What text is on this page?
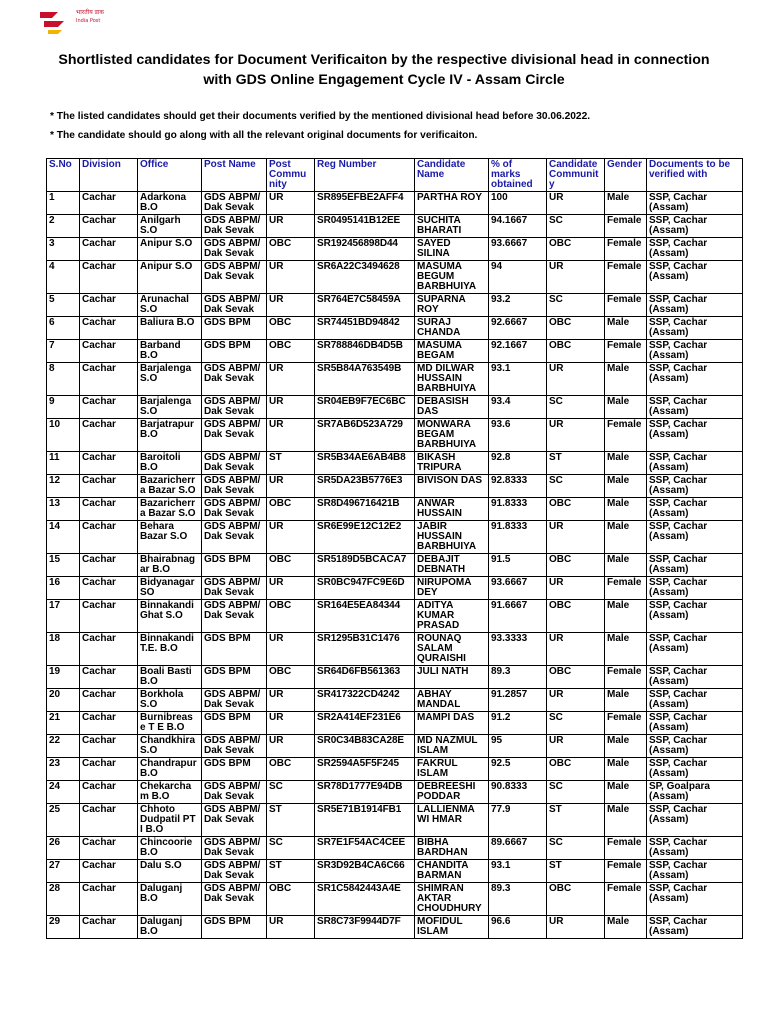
भारतीय डाक
India Post
Shortlisted candidates for Document Verificaiton by the respective divisional head in connection
with GDS Online Engagement Cycle IV - Assam Circle
* The listed candidates should get their documents verified by the mentioned divisional head before 30.06.2022.
* The candidate should go along with all the relevant original documents for verificaiton.
S.No	Division	Office	Post Name	Post Community	Reg Number	Candidate Name	% of marks obtained	Candidate Community	Gender	Documents to be verified with
1	Cachar	Adarkona B.O	GDS ABPM/ Dak Sevak	UR	SR895EFBE2AFF4	PARTHA ROY	100	UR	Male	SSP, Cachar (Assam)
2	Cachar	Anilgarh S.O	GDS ABPM/ Dak Sevak	UR	SR0495141B12EE	SUCHITA BHARATI	94.1667	SC	Female	SSP, Cachar (Assam)
3	Cachar	Anipur S.O	GDS ABPM/ Dak Sevak	OBC	SR192456898D44	SAYED SILINA	93.6667	OBC	Female	SSP, Cachar (Assam)
4	Cachar	Anipur S.O	GDS ABPM/ Dak Sevak	UR	SR6A22C3494628	MASUMA BEGUM BARBHUIYA	94	UR	Female	SSP, Cachar (Assam)
5	Cachar	Arunachal S.O	GDS ABPM/ Dak Sevak	UR	SR764E7C58459A	SUPARNA ROY	93.2	SC	Female	SSP, Cachar (Assam)
6	Cachar	Baliura B.O	GDS BPM	OBC	SR74451BD94842	SURAJ CHANDA	92.6667	OBC	Male	SSP, Cachar (Assam)
7	Cachar	Barband B.O	GDS BPM	OBC	SR788846DB4D5B	MASUMA BEGAM	92.1667	OBC	Female	SSP, Cachar (Assam)
8	Cachar	Barjalenga S.O	GDS ABPM/ Dak Sevak	UR	SR5B84A763549B	MD DILWAR HUSSAIN BARBHUIYA	93.1	UR	Male	SSP, Cachar (Assam)
9	Cachar	Barjalenga S.O	GDS ABPM/ Dak Sevak	UR	SR04EB9F7EC6BC	DEBASISH DAS	93.4	SC	Male	SSP, Cachar (Assam)
10	Cachar	Barjatrapur B.O	GDS ABPM/ Dak Sevak	UR	SR7AB6D523A729	MONWARA BEGAM BARBHUIYA	93.6	UR	Female	SSP, Cachar (Assam)
11	Cachar	Baroitoli B.O	GDS ABPM/ Dak Sevak	ST	SR5B34AE6AB4B8	BIKASH TRIPURA	92.8	ST	Male	SSP, Cachar (Assam)
12	Cachar	Bazaricherr a Bazar S.O	GDS ABPM/ Dak Sevak	UR	SR5DA23B5776E3	BIVISON DAS	92.8333	SC	Male	SSP, Cachar (Assam)
13	Cachar	Bazaricherr a Bazar S.O	GDS ABPM/ Dak Sevak	OBC	SR8D496716421B	ANWAR HUSSAIN	91.8333	OBC	Male	SSP, Cachar (Assam)
14	Cachar	Behara Bazar S.O	GDS ABPM/ Dak Sevak	UR	SR6E99E12C12E2	JABIR HUSSAIN BARBHUIYA	91.8333	UR	Male	SSP, Cachar (Assam)
15	Cachar	Bhairabnag ar B.O	GDS BPM	OBC	SR5189D5BCACA7	DEBAJIT DEBNATH	91.5	OBC	Male	SSP, Cachar (Assam)
16	Cachar	Bidyanagar SO	GDS ABPM/ Dak Sevak	UR	SR0BC947FC9E6D	NIRUPOMA DEY	93.6667	UR	Female	SSP, Cachar (Assam)
17	Cachar	Binnakandi Ghat S.O	GDS ABPM/ Dak Sevak	OBC	SR164E5EA84344	ADITYA KUMAR PRASAD	91.6667	OBC	Male	SSP, Cachar (Assam)
18	Cachar	Binnakandi T.E. B.O	GDS BPM	UR	SR1295B31C1476	ROUNAQ SALAM QURAISHI	93.3333	UR	Male	SSP, Cachar (Assam)
19	Cachar	Boali Basti B.O	GDS BPM	OBC	SR64D6FB561363	JULI NATH	89.3	OBC	Female	SSP, Cachar (Assam)
20	Cachar	Borkhola S.O	GDS ABPM/ Dak Sevak	UR	SR417322CD4242	ABHAY MANDAL	91.2857	UR	Male	SSP, Cachar (Assam)
21	Cachar	Burnibreas e T E B.O	GDS BPM	UR	SR2A414EF231E6	MAMPI DAS	91.2	SC	Female	SSP, Cachar (Assam)
22	Cachar	Chandkhira S.O	GDS ABPM/ Dak Sevak	UR	SR0C34B83CA28E	MD NAZMUL ISLAM	95	UR	Male	SSP, Cachar (Assam)
23	Cachar	Chandrapur B.O	GDS BPM	OBC	SR2594A5F5F245	FAKRUL ISLAM	92.5	OBC	Male	SSP, Cachar (Assam)
24	Cachar	Chekarcha m B.O	GDS ABPM/ Dak Sevak	SC	SR78D1777E94DB	DEBREESHI PODDAR	90.8333	SC	Male	SP, Goalpara (Assam)
25	Cachar	Chhoto Dudpatil PT I B.O	GDS ABPM/ Dak Sevak	ST	SR5E71B1914FB1	LALLIENMA WI HMAR	77.9	ST	Male	SSP, Cachar (Assam)
26	Cachar	Chincoorie B.O	GDS ABPM/ Dak Sevak	SC	SR7E1F54AC4CEE	BIBHA BARDHAN	89.6667	SC	Female	SSP, Cachar (Assam)
27	Cachar	Dalu S.O	GDS ABPM/ Dak Sevak	ST	SR3D92B4CA6C66	CHANDITA BARMAN	93.1	ST	Female	SSP, Cachar (Assam)
28	Cachar	Daluganj B.O	GDS ABPM/ Dak Sevak	OBC	SR1C5842443A4E	SHIMRAN AKTAR CHOUDHURY	89.3	OBC	Female	SSP, Cachar (Assam)
29	Cachar	Daluganj B.O	GDS BPM	UR	SR8C73F9944D7F	MOFIDUL ISLAM	96.6	UR	Male	SSP, Cachar (Assam)
